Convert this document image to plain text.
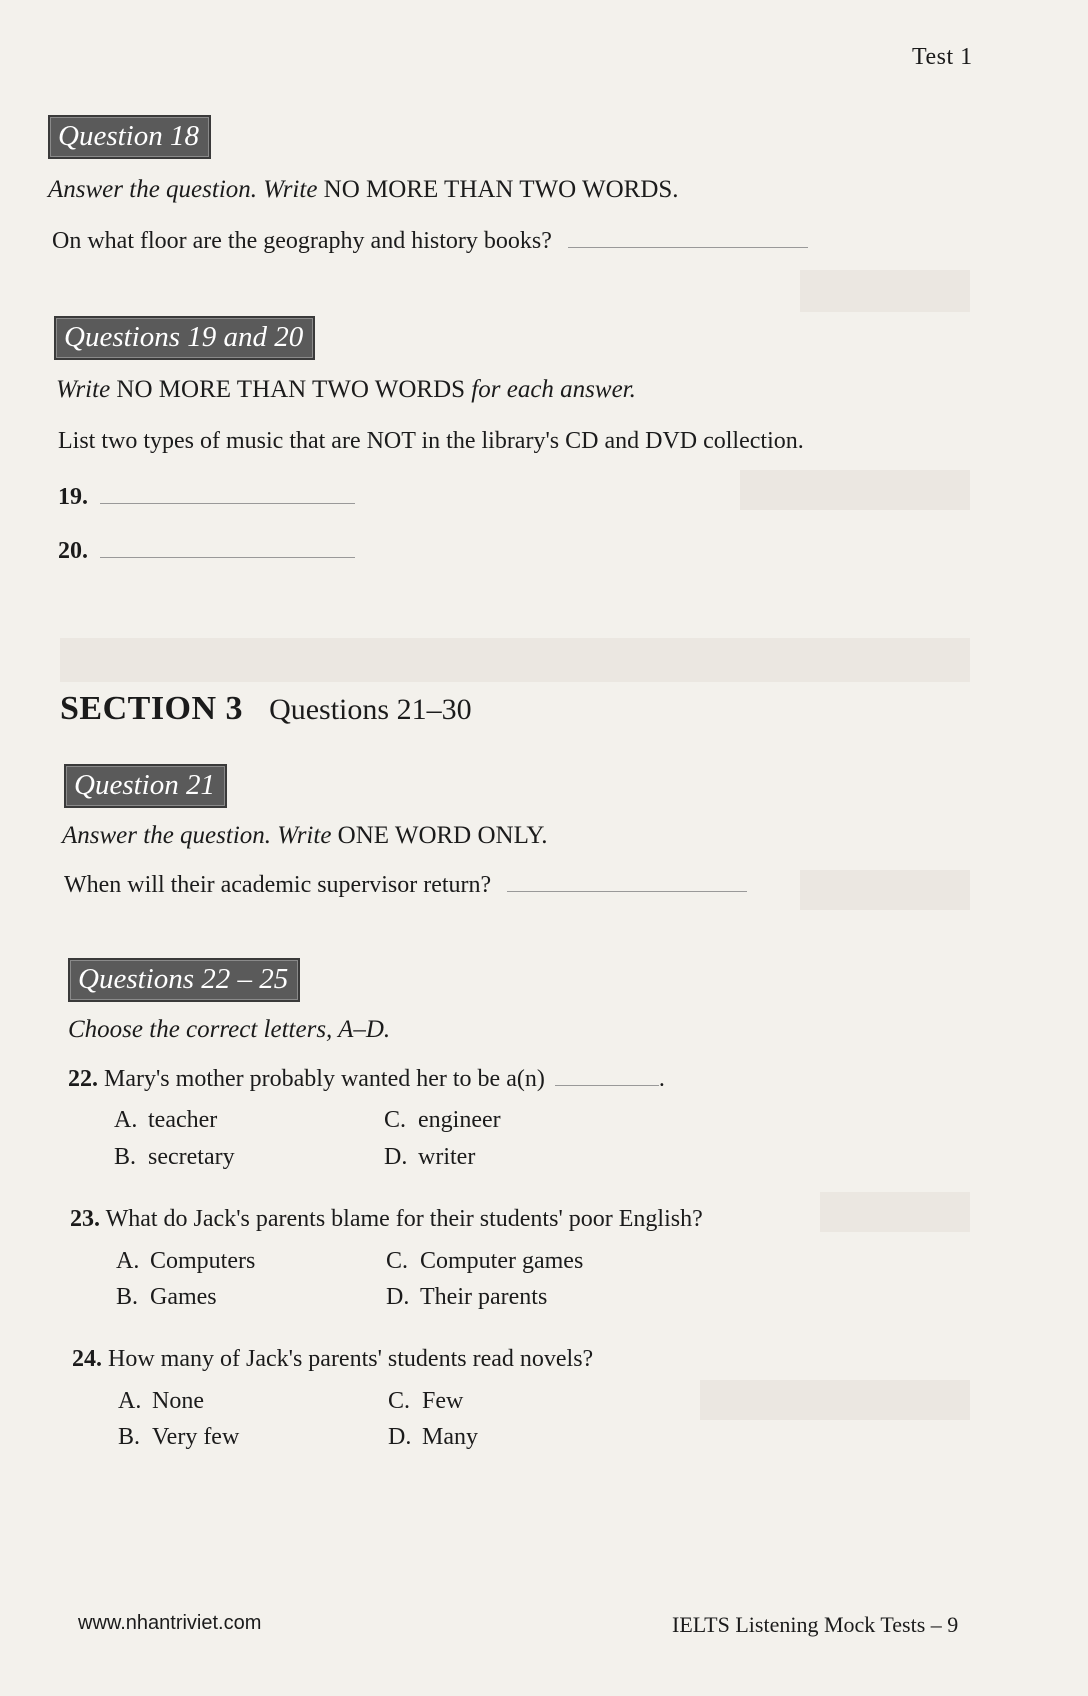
Test 1
Question 18
Answer the question. Write NO MORE THAN TWO WORDS.
On what floor are the geography and history books?
Questions 19 and 20
Write NO MORE THAN TWO WORDS for each answer.
List two types of music that are NOT in the library's CD and DVD collection.
19.
20.
SECTION 3 Questions 21–30
Question 21
Answer the question. Write ONE WORD ONLY.
When will their academic supervisor return?
Questions 22 – 25
Choose the correct letters, A–D.
22. Mary's mother probably wanted her to be a(n)	.
A. teacher
B. secretary
C. engineer
D. writer
23. What do Jack's parents blame for their students' poor English?
A. Computers
B. Games
C. Computer games
D. Their parents
24. How many of Jack's parents' students read novels?
A. None
B. Very few
C. Few
D. Many
www.nhantriviet.com	IELTS Listening Mock Tests – 9
